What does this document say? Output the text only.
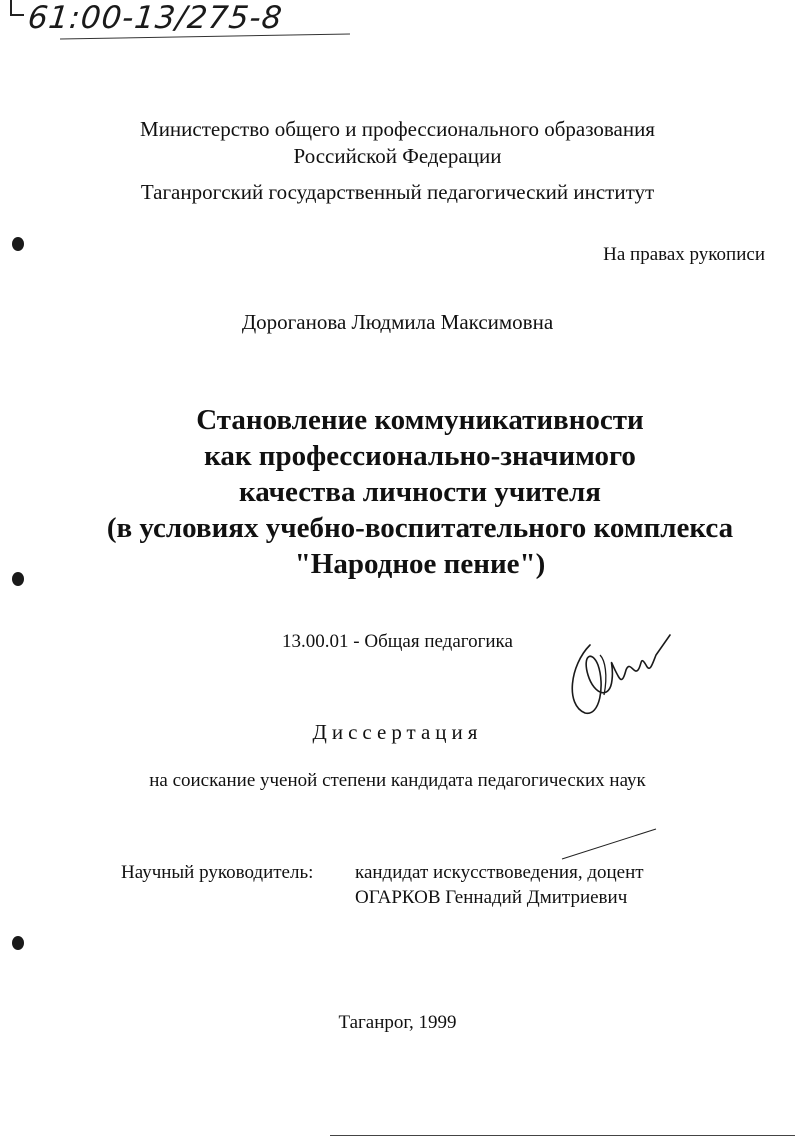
61:00-13/275-8
Министерство общего и профессионального образования
Российской Федерации
Таганрогский государственный педагогический институт
На правах рукописи
Дороганова Людмила Максимовна
Становление коммуникативности
как профессионально-значимого
качества личности учителя
(в условиях учебно-воспитательного комплекса
"Народное пение")
13.00.01 - Общая педагогика
Диссертация
на соискание ученой степени кандидата педагогических наук
Научный руководитель: кандидат искусствоведения, доцент
ОГАРКОВ Геннадий Дмитриевич
Таганрог, 1999
